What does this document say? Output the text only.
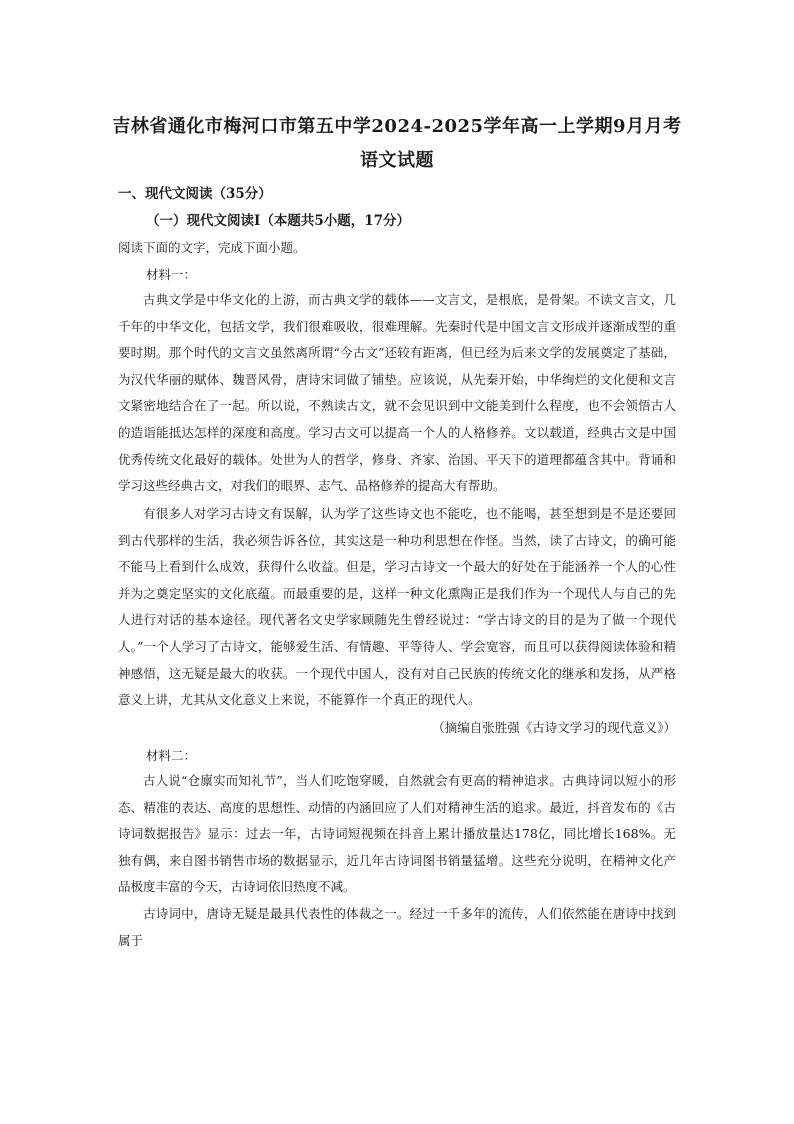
吉林省通化市梅河口市第五中学2024-2025学年高一上学期9月月考
语文试题
一、现代文阅读（35分）
（一）现代文阅读Ⅰ（本题共5小题，17分）
阅读下面的文字，完成下面小题。
材料一：

古典文学是中华文化的上游，而古典文学的载体——文言文，是根底，是骨架。不读文言文，几千年的中华文化，包括文学，我们很难吸收，很难理解。先秦时代是中国文言文形成并逐渐成型的重要时期。那个时代的文言文虽然离所谓“今古文”还较有距离，但已经为后来文学的发展奠定了基础，为汉代华丽的赋体、魏晋风骨，唐诗宋词做了铺垫。应该说，从先秦开始，中华绚烂的文化便和文言文紧密地结合在了一起。所以说，不熟读古文，就不会见识到中文能美到什么程度，也不会领悟古人的造诣能抵达怎样的深度和高度。学习古文可以提高一个人的人格修养。文以载道，经典古文是中国优秀传统文化最好的载体。处世为人的哲学，修身、齐家、治国、平天下的道理都蕴含其中。背诵和学习这些经典古文，对我们的眼界、志气、品格修养的提高大有帮助。

有很多人对学习古诗文有误解，认为学了这些诗文也不能吃，也不能喝，甚至想到是不是还要回到古代那样的生活，我必须告诉各位，其实这是一种功利思想在作怪。当然，读了古诗文，的确可能不能马上看到什么成效，获得什么收益。但是，学习古诗文一个最大的好处在于能涵养一个人的心性并为之奠定坚实的文化底蕴。而最重要的是，这样一种文化熏陶正是我们作为一个现代人与自己的先人进行对话的基本途径。现代著名文史学家顾随先生曾经说过：“学古诗文的目的是为了做一个现代人。”一个人学习了古诗文，能够爱生活、有情趣、平等待人、学会宽容，而且可以获得阅读体验和精神感悟，这无疑是最大的收获。一个现代中国人，没有对自己民族的传统文化的继承和发扬，从严格意义上讲，尤其从文化意义上来说，不能算作一个真正的现代人。

（摘编自张胜强《古诗文学习的现代意义》）
材料二：

古人说“仓廪实而知礼节”，当人们吃饱穿暖，自然就会有更高的精神追求。古典诗词以短小的形态、精准的表达、高度的思想性、动情的内涵回应了人们对精神生活的追求。最近，抖音发布的《古诗词数据报告》显示：过去一年，古诗词短视频在抖音上累计播放量达178亿，同比增长168%。无独有偶，来自图书销售市场的数据显示，近几年古诗词图书销量猛增。这些充分说明，在精神文化产品极度丰富的今天，古诗词依旧热度不减。

古诗词中，唐诗无疑是最具代表性的体裁之一。经过一千多年的流传，人们依然能在唐诗中找到属于
